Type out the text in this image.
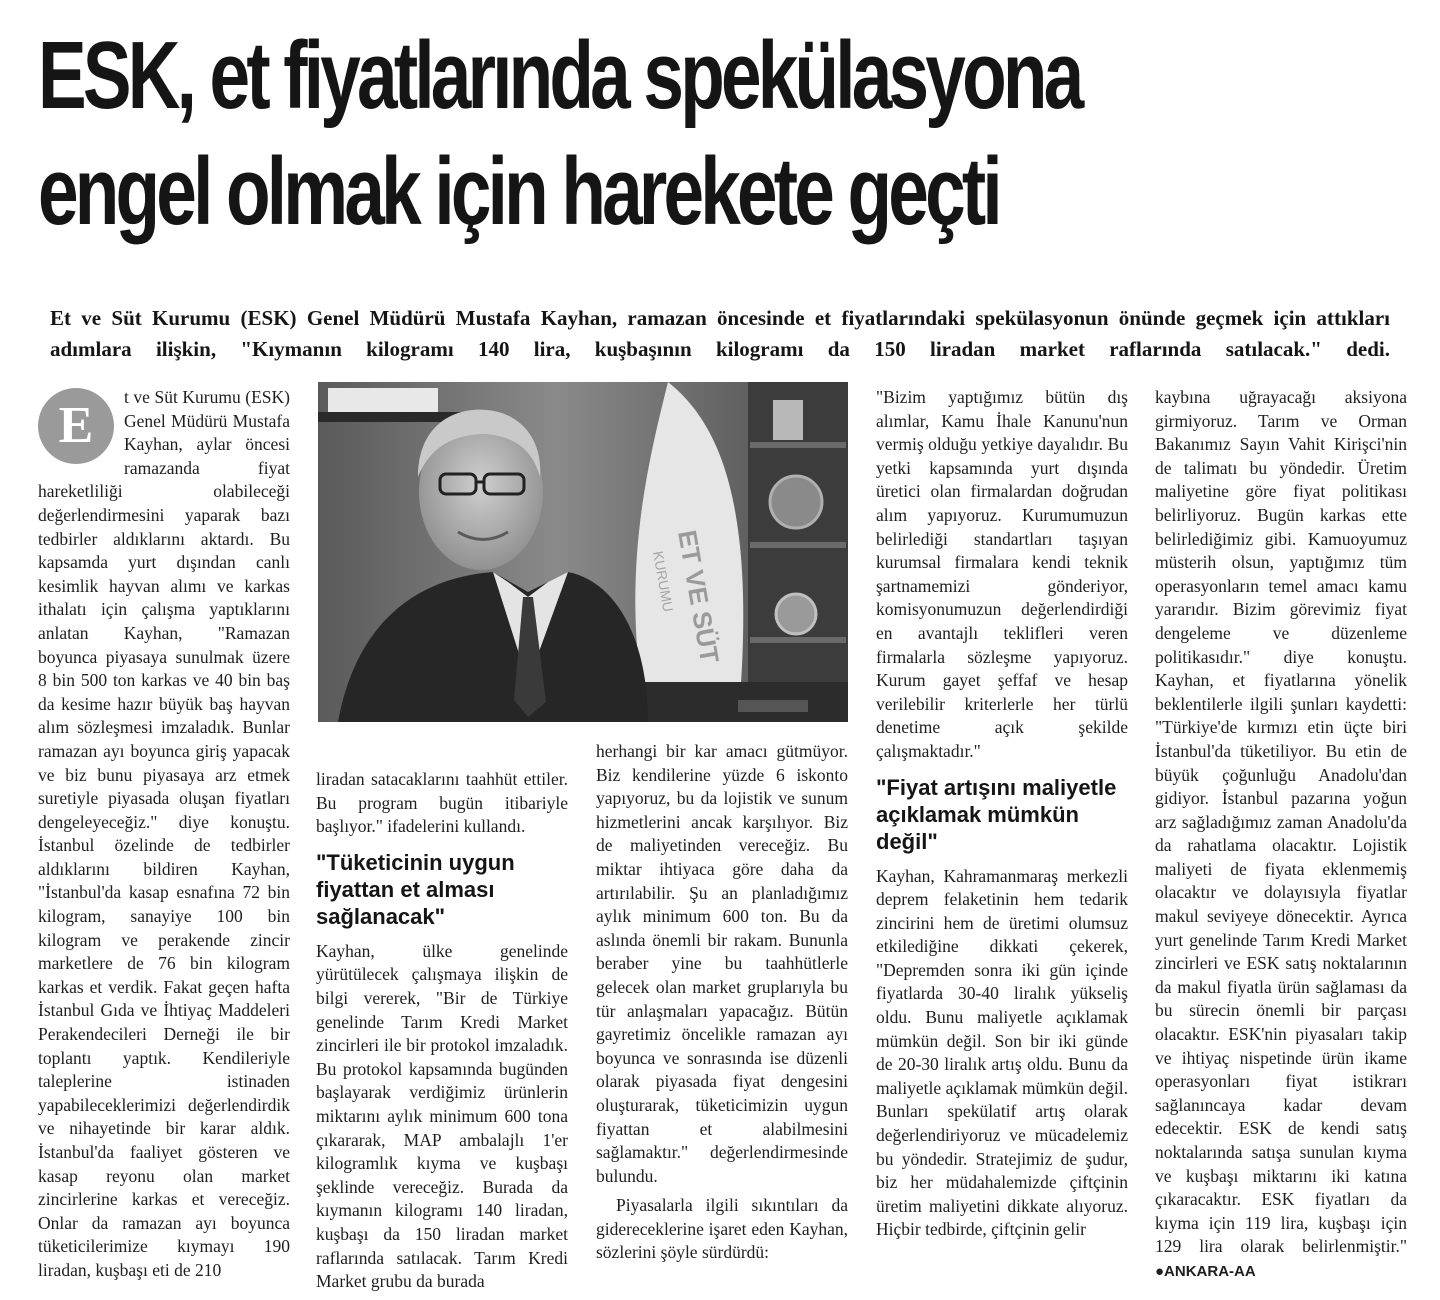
ESK, et fiyatlarında spekülasyona
engel olmak için harekete geçti
Et ve Süt Kurumu (ESK) Genel Müdürü Mustafa Kayhan, ramazan öncesinde et fiyatlarındaki spekülasyonun önünde geçmek için attıkları adımlara ilişkin, "Kıymanın kilogramı 140 lira, kuşbaşının kilogramı da 150 liradan market raflarında satılacak." dedi.

E	t ve Süt Kurumu (ESK) Genel Müdürü Mustafa Kayhan, aylar öncesi ramazanda fiyat hareketliliği olabileceği değerlendirmesini yaparak bazı tedbirler aldıklarını aktardı. Bu kapsamda yurt dışından canlı kesimlik hayvan alımı ve karkas ithalatı için çalışma yaptıklarını anlatan Kayhan, "Ramazan boyunca piyasaya sunulmak üzere 8 bin 500 ton karkas ve 40 bin baş da kesime hazır büyük baş hayvan alım sözleşmesi imzaladık. Bunlar ramazan ayı boyunca giriş yapacak ve biz bunu piyasaya arz etmek suretiyle piyasada oluşan fiyatları dengeleyeceğiz." diye konuştu. İstanbul özelinde de tedbirler aldıklarını bildiren Kayhan, "İstanbul'da kasap esnafına 72 bin kilogram, sanayiye 100 bin kilogram ve perakende zincir marketlere de 76 bin kilogram karkas et verdik. Fakat geçen hafta İstanbul Gıda ve İhtiyaç Maddeleri Perakendecileri Derneği ile bir toplantı yaptık. Kendileriyle taleplerine istinaden yapabileceklerimizi değerlendirdik ve nihayetinde bir karar aldık. İstanbul'da faaliyet gösteren ve kasap reyonu olan market zincirlerine karkas et vereceğiz. Onlar da ramazan ayı boyunca tüketicilerimize kıymayı 190 liradan, kuşbaşı eti de 210

ET VE SÜT
KURUMU

liradan satacaklarını taahhüt ettiler. Bu program bugün itibariyle başlıyor." ifadelerini kullandı.

"Tüketicinin uygun fiyattan et alması sağlanacak"

Kayhan, ülke genelinde yürütülecek çalışmaya ilişkin de bilgi vererek, "Bir de Türkiye genelinde Tarım Kredi Market zincirleri ile bir protokol imzaladık. Bu protokol kapsamında bugünden başlayarak verdiğimiz ürünlerin miktarını aylık minimum 600 tona çıkararak, MAP ambalajlı 1'er kilogramlık kıyma ve kuşbaşı şeklinde vereceğiz. Burada da kıymanın kilogramı 140 liradan, kuşbaşı da 150 liradan market raflarında satılacak. Tarım Kredi Market grubu da burada

herhangi bir kar amacı gütmüyor. Biz kendilerine yüzde 6 iskonto yapıyoruz, bu da lojistik ve sunum hizmetlerini ancak karşılıyor. Biz de maliyetinden vereceğiz. Bu miktar ihtiyaca göre daha da artırılabilir. Şu an planladığımız aylık minimum 600 ton. Bu da aslında önemli bir rakam. Bununla beraber yine bu taahhütlerle gelecek olan market gruplarıyla bu tür anlaşmaları yapacağız. Bütün gayretimiz öncelikle ramazan ayı boyunca ve sonrasında ise düzenli olarak piyasada fiyat dengesini oluşturarak, tüketicimizin uygun fiyattan et alabilmesini sağlamaktır." değerlendirmesinde bulundu.

Piyasalarla ilgili sıkıntıları da gidereceklerine işaret eden Kayhan, sözlerini şöyle sürdürdü:

"Bizim yaptığımız bütün dış alımlar, Kamu İhale Kanunu'nun vermiş olduğu yetkiye dayalıdır. Bu yetki kapsamında yurt dışında üretici olan firmalardan doğrudan alım yapıyoruz. Kurumumuzun belirlediği standartları taşıyan kurumsal firmalara kendi teknik şartnamemizi gönderiyor, komisyonumuzun değerlendirdiği en avantajlı teklifleri veren firmalarla sözleşme yapıyoruz. Kurum gayet şeffaf ve hesap verilebilir kriterlerle her türlü denetime açık şekilde çalışmaktadır."

"Fiyat artışını maliyetle açıklamak mümkün değil"

Kayhan, Kahramanmaraş merkezli deprem felaketinin hem tedarik zincirini hem de üretimi olumsuz etkilediğine dikkati çekerek, "Depremden sonra iki gün içinde fiyatlarda 30-40 liralık yükseliş oldu. Bunu maliyetle açıklamak mümkün değil. Son bir iki günde de 20-30 liralık artış oldu. Bunu da maliyetle açıklamak mümkün değil. Bunları spekülatif artış olarak değerlendiriyoruz ve mücadelemiz bu yöndedir. Stratejimiz de şudur, biz her müdahalemizde çiftçinin üretim maliyetini dikkate alıyoruz. Hiçbir tedbirde, çiftçinin gelir

kaybına uğrayacağı aksiyona girmiyoruz. Tarım ve Orman Bakanımız Sayın Vahit Kirişci'nin de talimatı bu yöndedir. Üretim maliyetine göre fiyat politikası belirliyoruz. Bugün karkas ette belirlediğimiz gibi. Kamuoyumuz müsterih olsun, yaptığımız tüm operasyonların temel amacı kamu yararıdır. Bizim görevimiz fiyat dengeleme ve düzenleme politikasıdır." diye konuştu. Kayhan, et fiyatlarına yönelik beklentilerle ilgili şunları kaydetti: "Türkiye'de kırmızı etin üçte biri İstanbul'da tüketiliyor. Bu etin de büyük çoğunluğu Anadolu'dan gidiyor. İstanbul pazarına yoğun arz sağladığımız zaman Anadolu'da da rahatlama olacaktır. Lojistik maliyeti de fiyata eklenmemiş olacaktır ve dolayısıyla fiyatlar makul seviyeye dönecektir. Ayrıca yurt genelinde Tarım Kredi Market zincirleri ve ESK satış noktalarının da makul fiyatla ürün sağlaması da bu sürecin önemli bir parçası olacaktır. ESK'nin piyasaları takip ve ihtiyaç nispetinde ürün ikame operasyonları fiyat istikrarı sağlanıncaya kadar devam edecektir. ESK de kendi satış noktalarında satışa sunulan kıyma ve kuşbaşı miktarını iki katına çıkaracaktır. ESK fiyatları da kıyma için 119 lira, kuşbaşı için 129 lira olarak belirlenmiştir." ●ANKARA-AA
